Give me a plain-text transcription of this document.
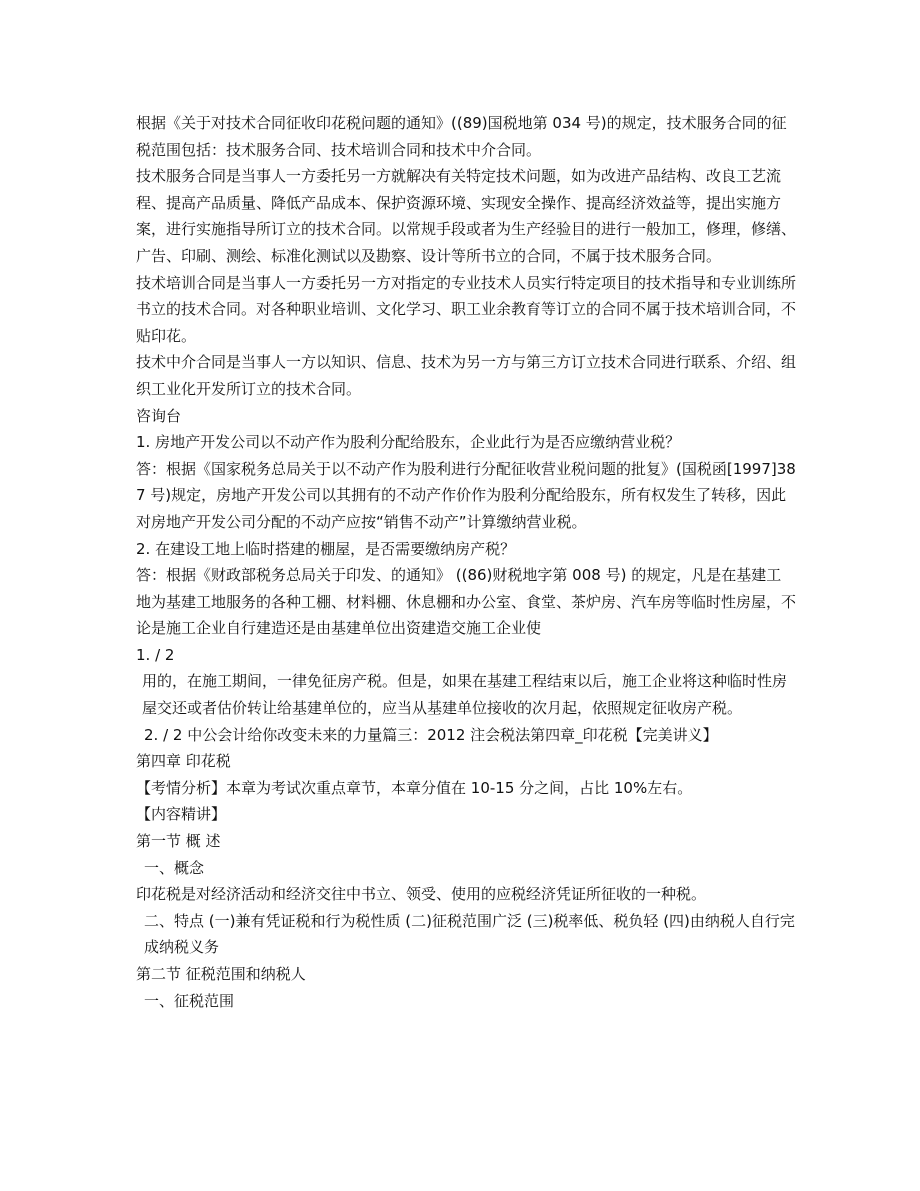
根据《关于对技术合同征收印花税问题的通知》((89)国税地第 034 号)的规定，技术服务合同的征税范围包括：技术服务合同、技术培训合同和技术中介合同。

技术服务合同是当事人一方委托另一方就解决有关特定技术问题，如为改进产品结构、改良工艺流程、提高产品质量、降低产品成本、保护资源环境、实现安全操作、提高经济效益等，提出实施方案，进行实施指导所订立的技术合同。以常规手段或者为生产经验目的进行一般加工，修理，修缮、广告、印刷、测绘、标准化测试以及勘察、设计等所书立的合同，不属于技术服务合同。

技术培训合同是当事人一方委托另一方对指定的专业技术人员实行特定项目的技术指导和专业训练所书立的技术合同。对各种职业培训、文化学习、职工业余教育等订立的合同不属于技术培训合同，不贴印花。

技术中介合同是当事人一方以知识、信息、技术为另一方与第三方订立技术合同进行联系、介绍、组织工业化开发所订立的技术合同。

咨询台

1. 房地产开发公司以不动产作为股利分配给股东，企业此行为是否应缴纳营业税？

答：根据《国家税务总局关于以不动产作为股利进行分配征收营业税问题的批复》(国税函[1997]387 号)规定，房地产开发公司以其拥有的不动产作价作为股利分配给股东，所有权发生了转移，因此对房地产开发公司分配的不动产应按“销售不动产”计算缴纳营业税。

2. 在建设工地上临时搭建的棚屋，是否需要缴纳房产税？

答：根据《财政部税务总局关于印发、的通知》 ((86)财税地字第 008 号) 的规定，凡是在基建工地为基建工地服务的各种工棚、材料棚、休息棚和办公室、食堂、茶炉房、汽车房等临时性房屋，不论是施工企业自行建造还是由基建单位出资建造交施工企业使

1. / 2

用的，在施工期间，一律免征房产税。但是，如果在基建工程结束以后，施工企业将这种临时性房屋交还或者估价转让给基建单位的，应当从基建单位接收的次月起，依照规定征收房产税。

2. / 2 中公会计给你改变未来的力量篇三：2012 注会税法第四章_印花税【完美讲义】

第四章 印花税

【考情分析】本章为考试次重点章节，本章分值在 10-15 分之间，占比 10%左右。

【内容精讲】

第一节 概 述

一、概念

印花税是对经济活动和经济交往中书立、领受、使用的应税经济凭证所征收的一种税。

二、特点 (一)兼有凭证税和行为税性质 (二)征税范围广泛 (三)税率低、税负轻 (四)由纳税人自行完成纳税义务

第二节 征税范围和纳税人

一、征税范围
